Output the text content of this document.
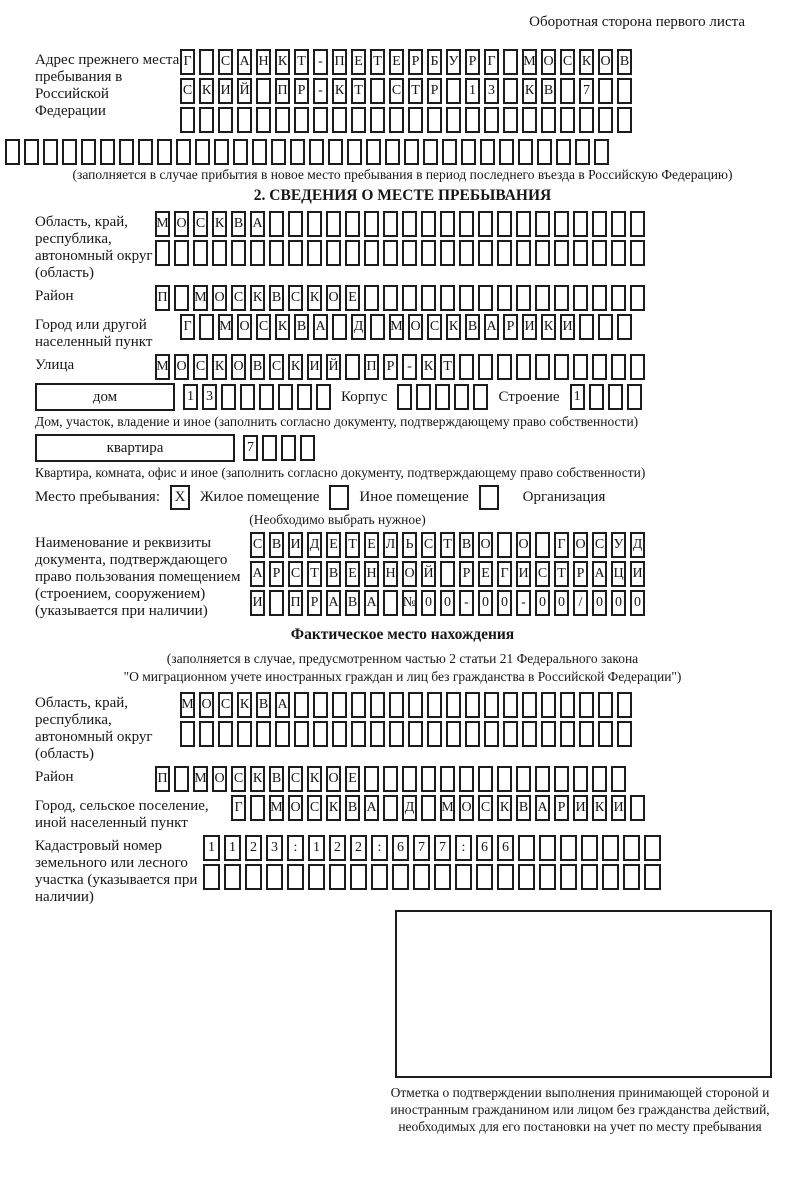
Оборотная сторона первого листа
Адрес прежнего места пребывания в Российской Федерации
Г С А Н К Т - П Е Т Е Р Б У Р Г М О С К О В
С К И Й П Р - К Т С Т Р 1 3 К В 7
(заполняется в случае прибытия в новое место пребывания в период последнего въезда в Российскую Федерацию)
2. СВЕДЕНИЯ О МЕСТЕ ПРЕБЫВАНИЯ
Область, край, республика, автономный округ (область)
М О С К В А
Район	П М О С К В С К О Е
Город или другой населенный пункт
Г М О С К В А Д М О С К В А Р И К И
Улица	М О С К О В С К И Й П Р - К Т
дом	1 3	Корпус	Строение 1
Дом, участок, владение и иное (заполнить согласно документу, подтверждающему право собственности)
квартира	7
Квартира, комната, офис и иное (заполнить согласно документу, подтверждающему право собственности)
Место пребывания: X Жилое помещение	Иное помещение	Организация
(Необходимо выбрать нужное)
Наименование и реквизиты документа, подтверждающего право пользования помещением (строением, сооружением) (указывается при наличии)
С В И Д Е Т Е Л Ь С Т В О О Г О С У Д
А Р С Т В Е Н Н О Й Р Е Г И С Т Р А Ц И
И П Р А В А № 0 0 - 0 0 - 0 0 / 0 0 0
Фактическое место нахождения
(заполняется в случае, предусмотренном частью 2 статьи 21 Федерального закона
"О миграционном учете иностранных граждан и лиц без гражданства в Российской Федерации")
Область, край, республика, автономный округ (область)
М О С К В А
Район	П М О С К В С К О Е
Город, сельское поселение, иной населенный пункт
Г М О С К В А Д М О С К В А Р И К И
Кадастровый номер земельного или лесного участка (указывается при наличии)
1	1	2	3	:	1	2	2	:	6	7	7	:	6	6
Отметка о подтверждении выполнения принимающей стороной и иностранным гражданином или лицом без гражданства действий, необходимых для его постановки на учет по месту пребывания
